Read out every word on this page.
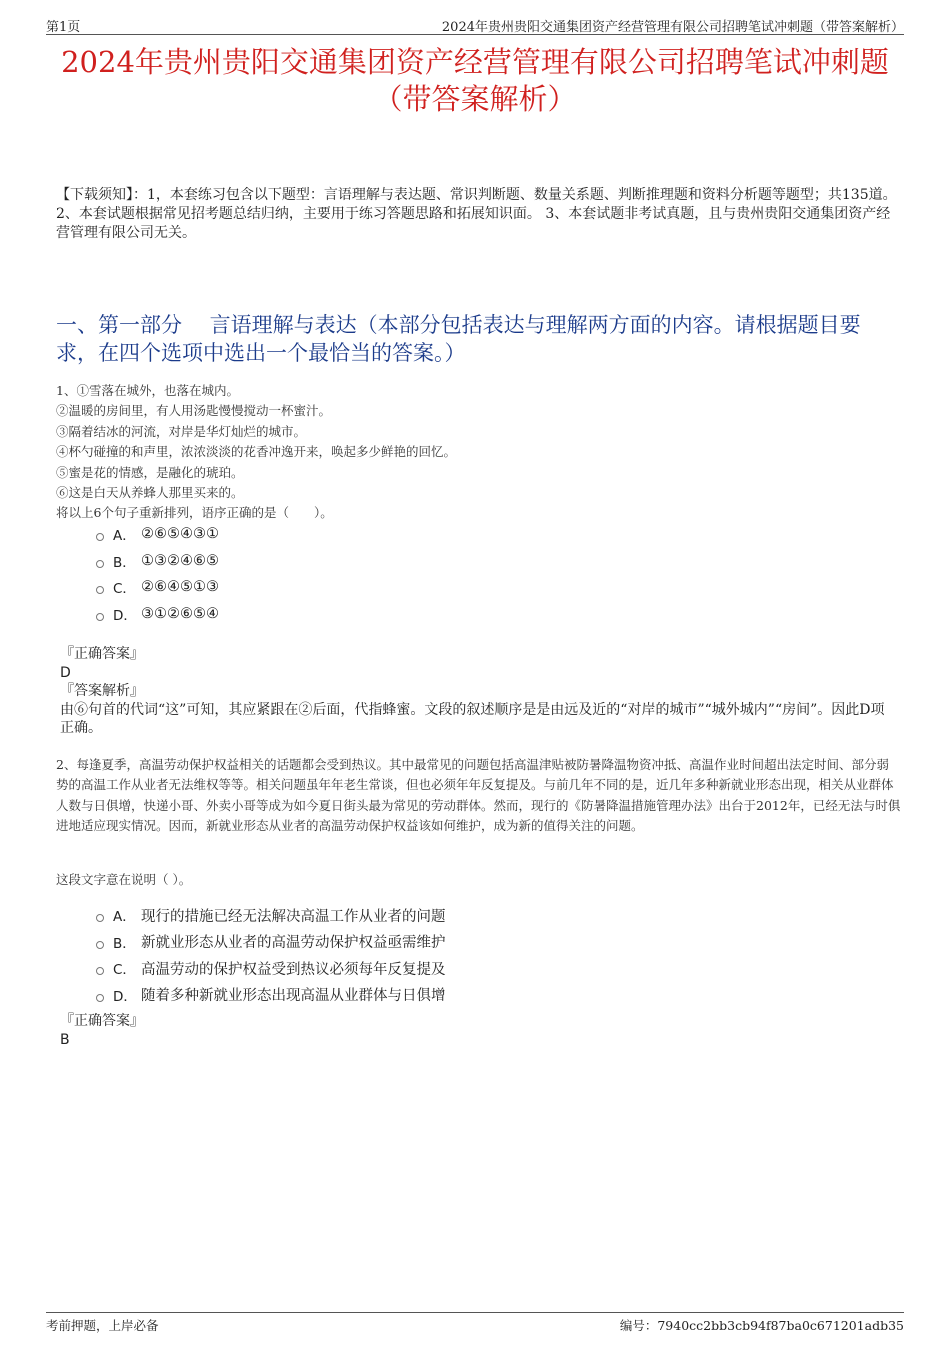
第1页	2024年贵州贵阳交通集团资产经营管理有限公司招聘笔试冲刺题（带答案解析）
2024年贵州贵阳交通集团资产经营管理有限公司招聘笔试冲刺题（带答案解析）
【下载须知】：1，本套练习包含以下题型：言语理解与表达题、常识判断题、数量关系题、判断推理题和资料分析题等题型；共135道。 2、本套试题根据常见招考题总结归纳，主要用于练习答题思路和拓展知识面。 3、本套试题非考试真题，且与贵州贵阳交通集团资产经营管理有限公司无关。
一、第一部分　 言语理解与表达（本部分包括表达与理解两方面的内容。请根据题目要求，在四个选项中选出一个最恰当的答案。）

1、①雪落在城外，也落在城内。

②温暖的房间里，有人用汤匙慢慢搅动一杯蜜汁。

③隔着结冰的河流，对岸是华灯灿烂的城市。

④杯勺碰撞的和声里，浓浓淡淡的花香冲逸开来，唤起多少鲜艳的回忆。

⑤蜜是花的情感，是融化的琥珀。

⑥这是白天从养蜂人那里买来的。

将以上6个句子重新排列，语序正确的是（　　）。

A． ②⑥⑤④③①
B． ①③②④⑥⑤
C． ②⑥④⑤①③
D． ③①②⑥⑤④
『正确答案』
D
『答案解析』
由⑥句首的代词“这”可知，其应紧跟在②后面，代指蜂蜜。文段的叙述顺序是是由远及近的“对岸的城市”“城外城内”“房间”。因此D项正确。

2、每逢夏季，高温劳动保护权益相关的话题都会受到热议。其中最常见的问题包括高温津贴被防暑降温物资冲抵、高温作业时间超出法定时间、部分弱势的高温工作从业者无法维权等等。相关问题虽年年老生常谈，但也必须年年反复提及。与前几年不同的是，近几年多种新就业形态出现，相关从业群体人数与日俱增，快递小哥、外卖小哥等成为如今夏日街头最为常见的劳动群体。然而，现行的《防暑降温措施管理办法》出台于2012年，已经无法与时俱进地适应现实情况。因而，新就业形态从业者的高温劳动保护权益该如何维护，成为新的值得关注的问题。

这段文字意在说明（ ）。

A． 现行的措施已经无法解决高温工作从业者的问题
B． 新就业形态从业者的高温劳动保护权益亟需维护
C． 高温劳动的保护权益受到热议必须每年反复提及
D． 随着多种新就业形态出现高温从业群体与日俱增
『正确答案』
B
考前押题，上岸必备	编号：7940cc2bb3cb94f87ba0c671201adb35
